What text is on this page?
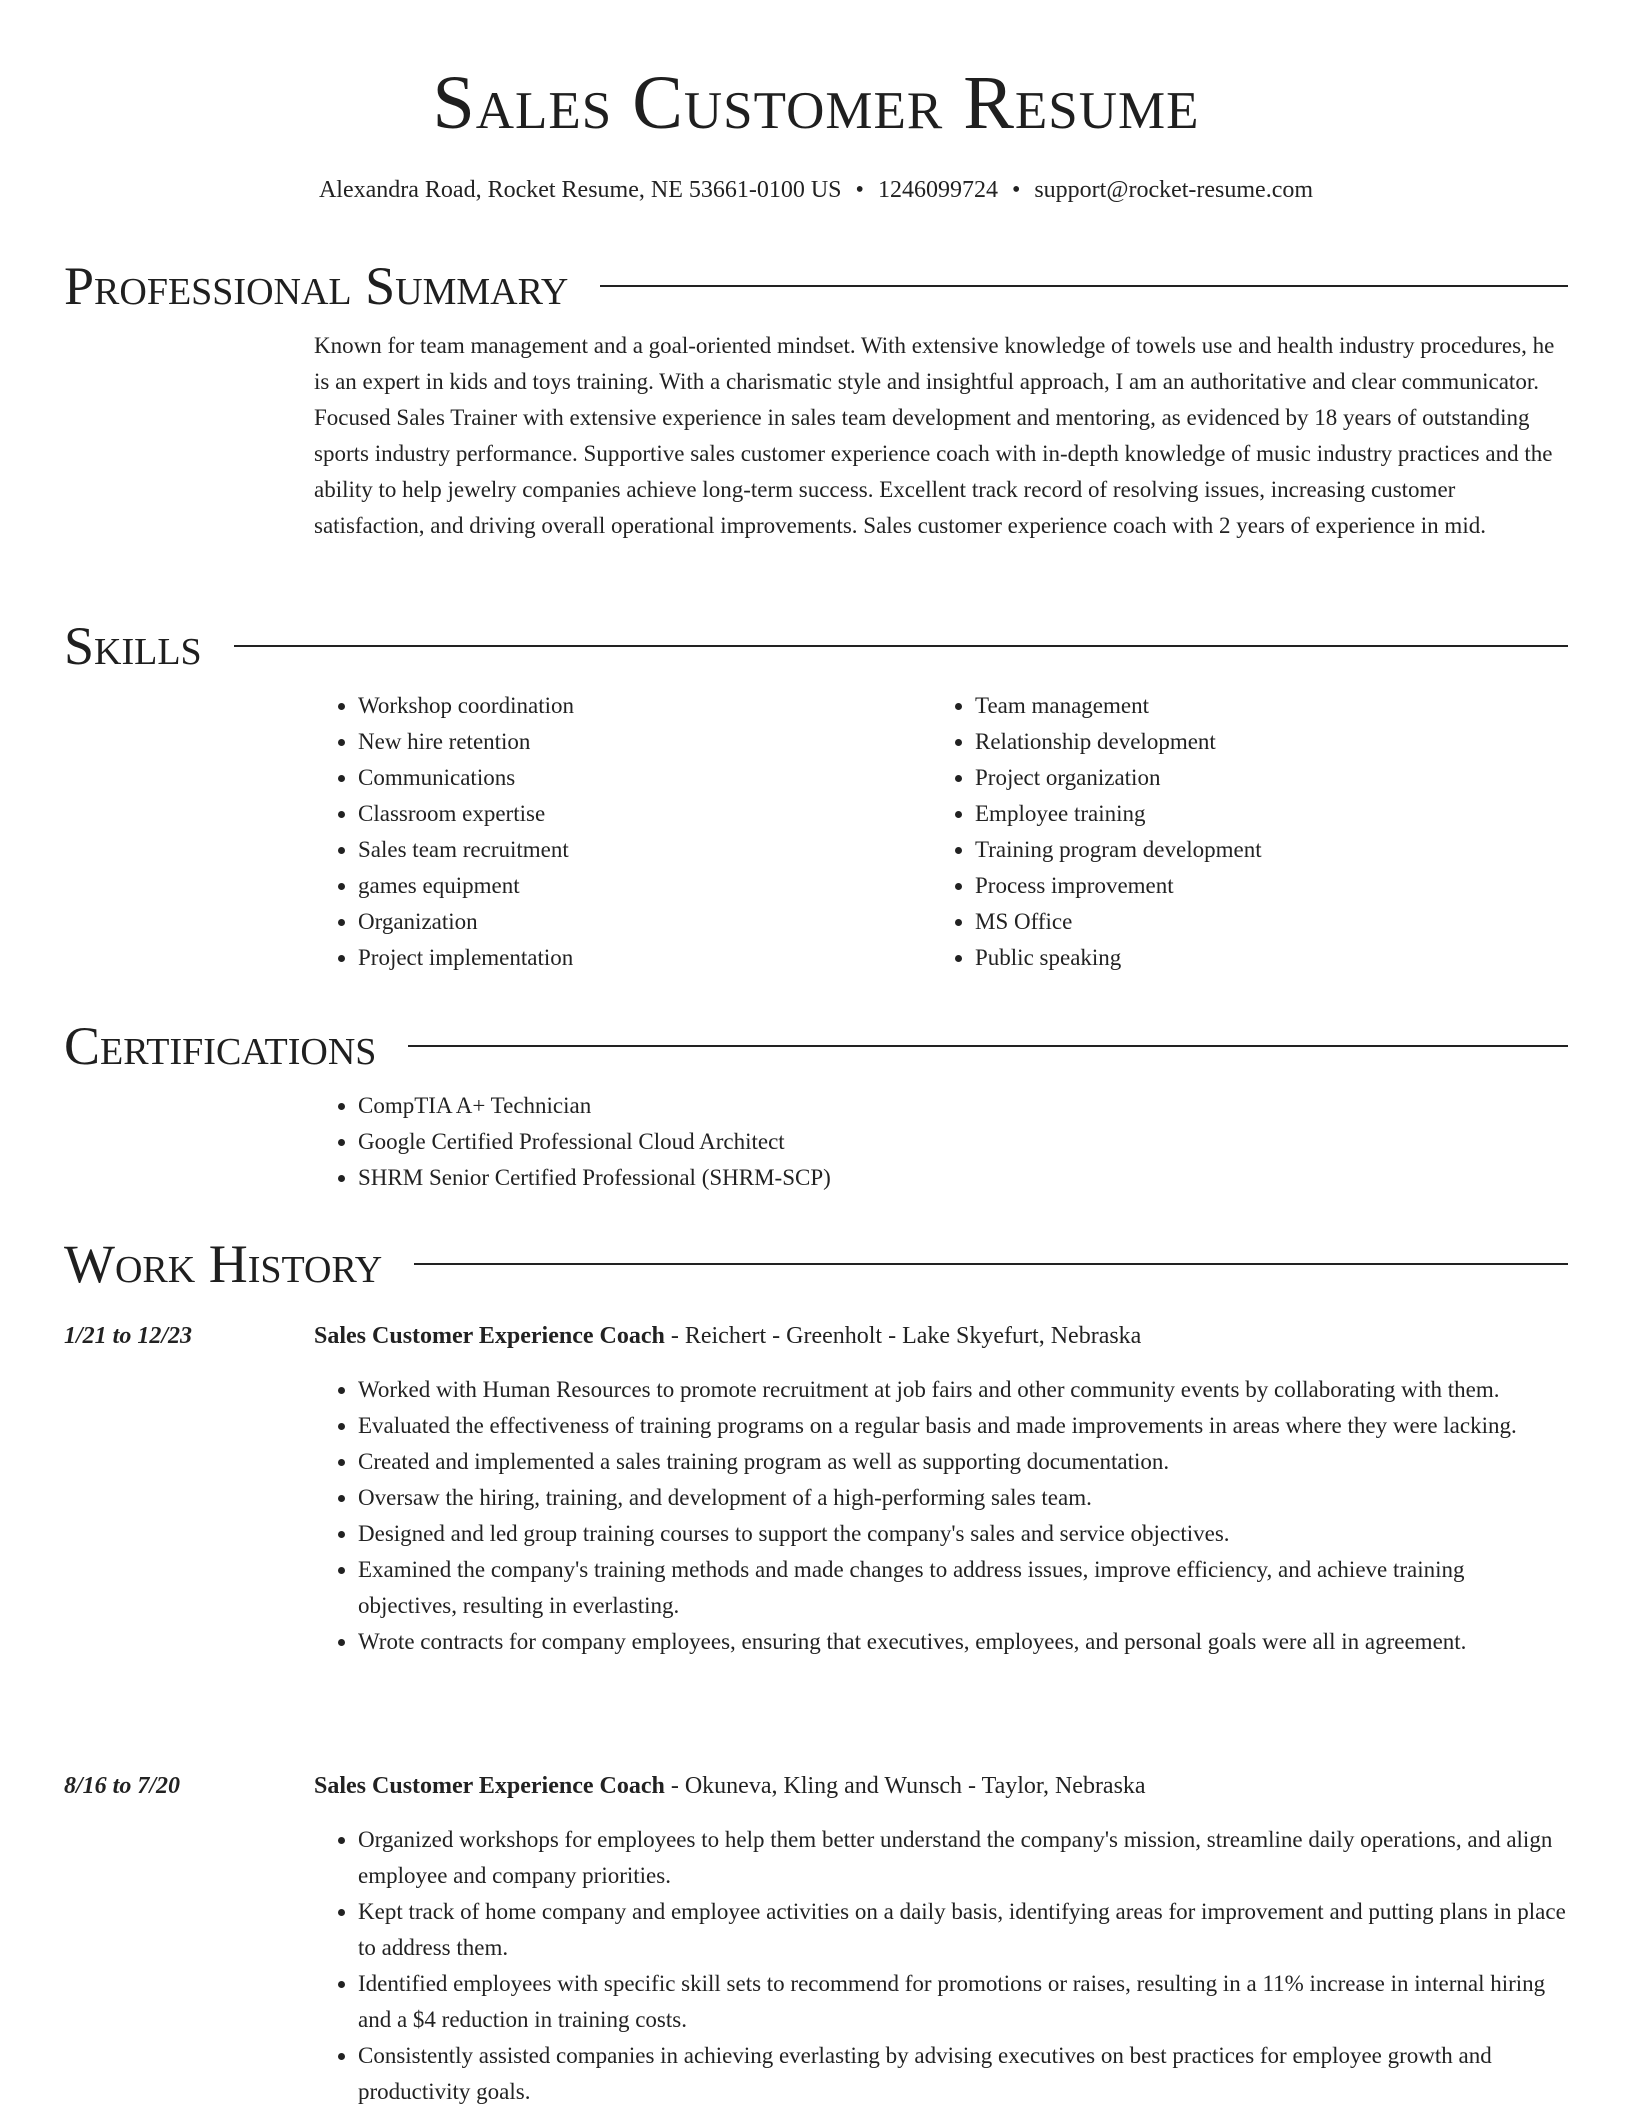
Sales Customer Resume
Alexandra Road, Rocket Resume, NE 53661-0100 US • 1246099724 • support@rocket-resume.com
Professional Summary
Known for team management and a goal-oriented mindset. With extensive knowledge of towels use and health industry procedures, he is an expert in kids and toys training. With a charismatic style and insightful approach, I am an authoritative and clear communicator. Focused Sales Trainer with extensive experience in sales team development and mentoring, as evidenced by 18 years of outstanding sports industry performance. Supportive sales customer experience coach with in-depth knowledge of music industry practices and the ability to help jewelry companies achieve long-term success. Excellent track record of resolving issues, increasing customer satisfaction, and driving overall operational improvements. Sales customer experience coach with 2 years of experience in mid.
Skills
• Workshop coordination
• New hire retention
• Communications
• Classroom expertise
• Sales team recruitment
• games equipment
• Organization
• Project implementation
• Team management
• Relationship development
• Project organization
• Employee training
• Training program development
• Process improvement
• MS Office
• Public speaking
Certifications
• CompTIA A+ Technician
• Google Certified Professional Cloud Architect
• SHRM Senior Certified Professional (SHRM-SCP)
Work History
1/21 to 12/23	Sales Customer Experience Coach - Reichert - Greenholt - Lake Skyefurt, Nebraska
• Worked with Human Resources to promote recruitment at job fairs and other community events by collaborating with them.
• Evaluated the effectiveness of training programs on a regular basis and made improvements in areas where they were lacking.
• Created and implemented a sales training program as well as supporting documentation.
• Oversaw the hiring, training, and development of a high-performing sales team.
• Designed and led group training courses to support the company's sales and service objectives.
• Examined the company's training methods and made changes to address issues, improve efficiency, and achieve training objectives, resulting in everlasting.
• Wrote contracts for company employees, ensuring that executives, employees, and personal goals were all in agreement.
8/16 to 7/20	Sales Customer Experience Coach - Okuneva, Kling and Wunsch - Taylor, Nebraska
• Organized workshops for employees to help them better understand the company's mission, streamline daily operations, and align employee and company priorities.
• Kept track of home company and employee activities on a daily basis, identifying areas for improvement and putting plans in place to address them.
• Identified employees with specific skill sets to recommend for promotions or raises, resulting in a 11% increase in internal hiring and a $4 reduction in training costs.
• Consistently assisted companies in achieving everlasting by advising executives on best practices for employee growth and productivity goals.
